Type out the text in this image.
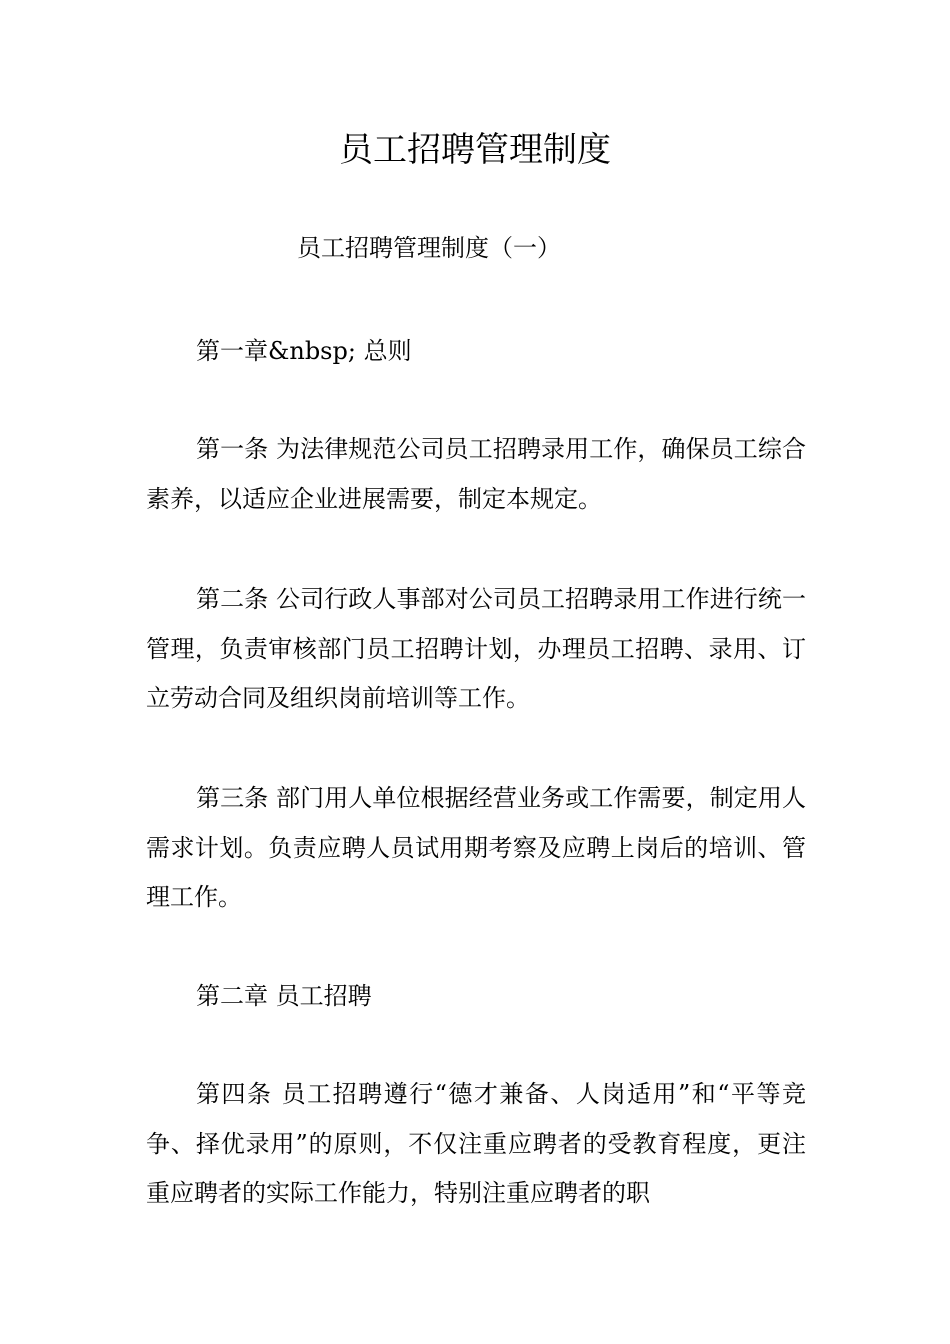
员工招聘管理制度

员工招聘管理制度（一）

第一章&nbsp; 总则

第一条 为法律规范公司员工招聘录用工作，确保员工综合素养，以适应企业进展需要，制定本规定。

第二条 公司行政人事部对公司员工招聘录用工作进行统一管理，负责审核部门员工招聘计划，办理员工招聘、录用、订立劳动合同及组织岗前培训等工作。

第三条 部门用人单位根据经营业务或工作需要，制定用人需求计划。负责应聘人员试用期考察及应聘上岗后的培训、管理工作。

第二章 员工招聘

第四条 员工招聘遵行“德才兼备、人岗适用”和“平等竞争、择优录用”的原则，不仅注重应聘者的受教育程度，更注重应聘者的实际工作能力，特别注重应聘者的职
